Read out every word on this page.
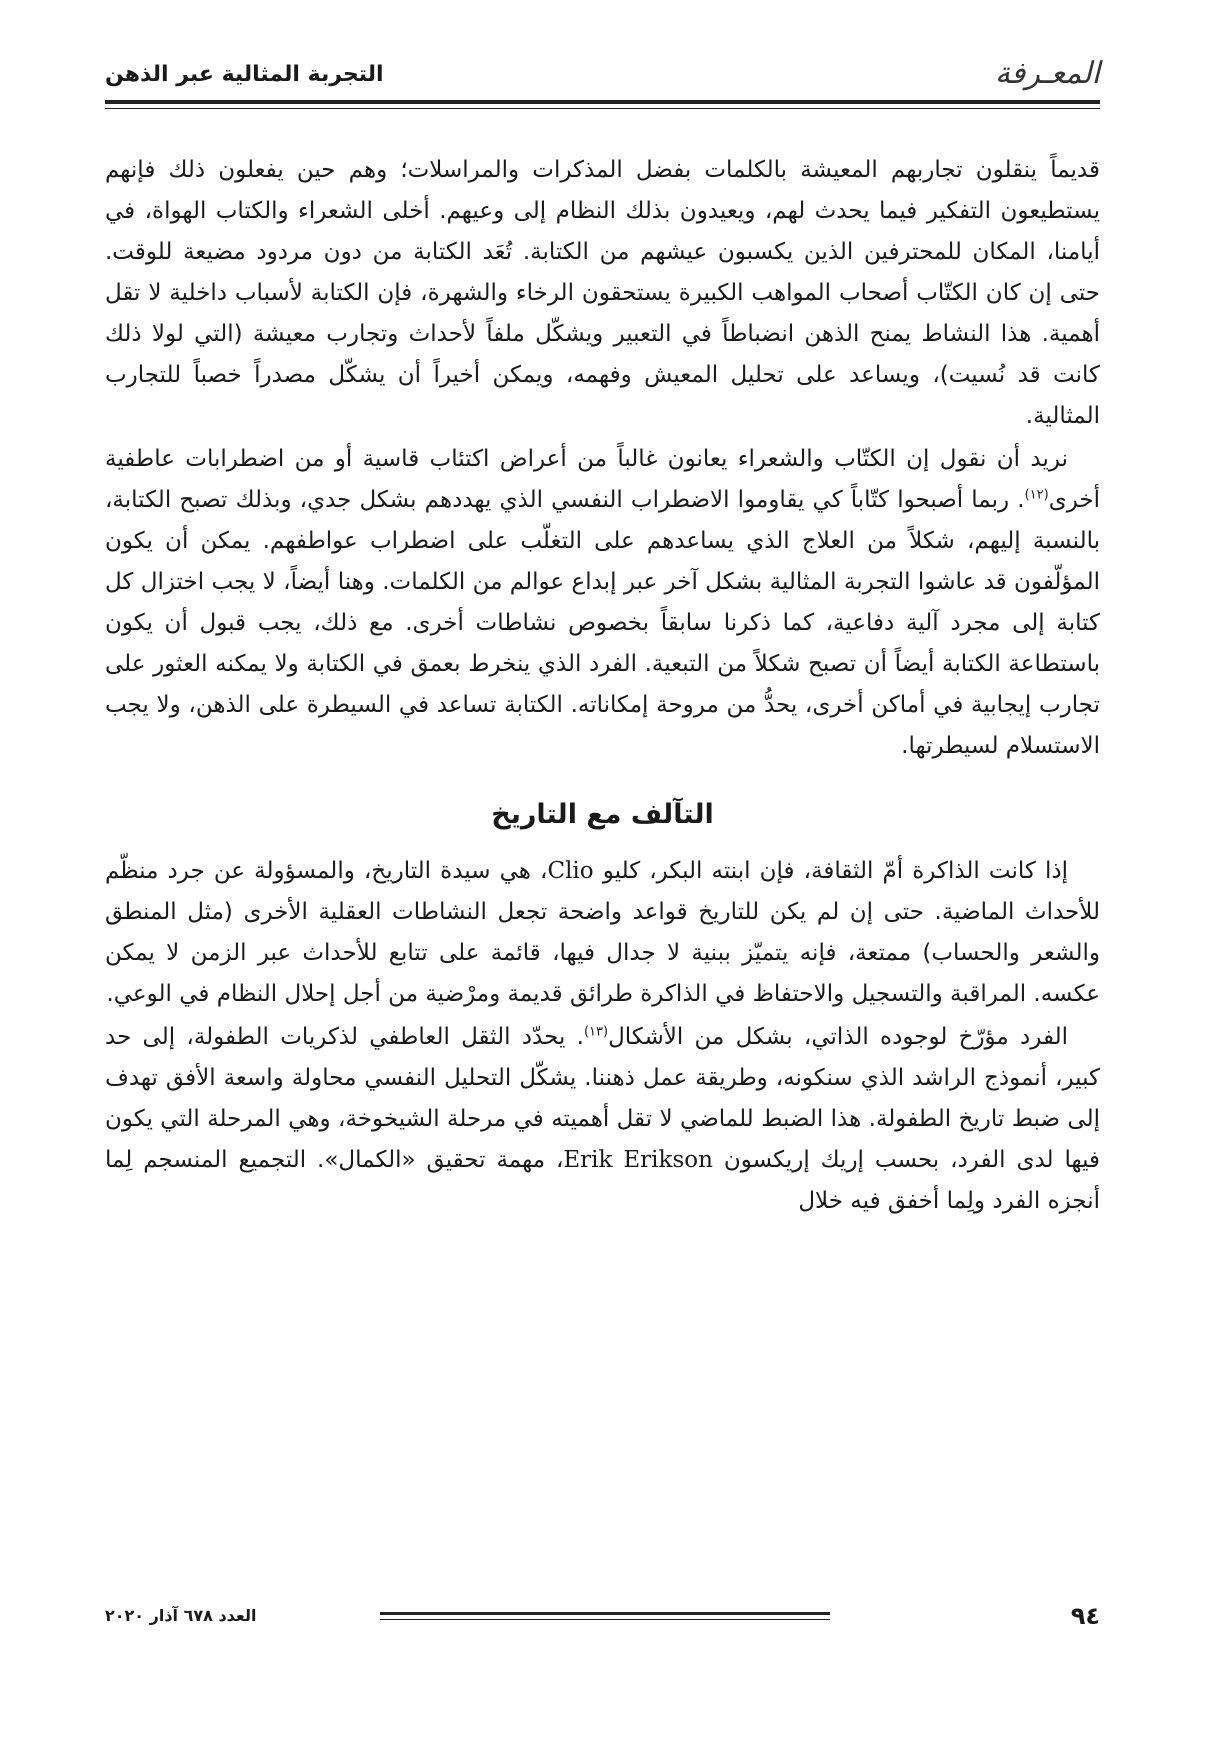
المعـرفة
التجربة المثالية عبر الذهن

قديماً ينقلون تجاربهم المعيشة بالكلمات بفضل المذكرات والمراسلات؛ وهم حين يفعلون ذلك فإنهم يستطيعون التفكير فيما يحدث لهم، ويعيدون بذلك النظام إلى وعيهم. أخلى الشعراء والكتاب الهواة، في أيامنا، المكان للمحترفين الذين يكسبون عيشهم من الكتابة. تُعَد الكتابة من دون مردود مضيعة للوقت. حتى إن كان الكتّاب أصحاب المواهب الكبيرة يستحقون الرخاء والشهرة، فإن الكتابة لأسباب داخلية لا تقل أهمية. هذا النشاط يمنح الذهن انضباطاً في التعبير ويشكّل ملفاً لأحداث وتجارب معيشة (التي لولا ذلك كانت قد نُسيت)، ويساعد على تحليل المعيش وفهمه، ويمكن أخيراً أن يشكّل مصدراً خصباً للتجارب المثالية.

نريد أن نقول إن الكتّاب والشعراء يعانون غالباً من أعراض اكتئاب قاسية أو من اضطرابات عاطفية أخرى$^{(١٢)}$. ربما أصبحوا كتّاباً كي يقاوموا الاضطراب النفسي الذي يهددهم بشكل جدي، وبذلك تصبح الكتابة، بالنسبة إليهم، شكلاً من العلاج الذي يساعدهم على التغلّب على اضطراب عواطفهم. يمكن أن يكون المؤلّفون قد عاشوا التجربة المثالية بشكل آخر عبر إبداع عوالم من الكلمات. وهنا أيضاً، لا يجب اختزال كل كتابة إلى مجرد آلية دفاعية، كما ذكرنا سابقاً بخصوص نشاطات أخرى. مع ذلك، يجب قبول أن يكون باستطاعة الكتابة أيضاً أن تصبح شكلاً من التبعية. الفرد الذي ينخرط بعمق في الكتابة ولا يمكنه العثور على تجارب إيجابية في أماكن أخرى، يحدُّ من مروحة إمكاناته. الكتابة تساعد في السيطرة على الذهن، ولا يجب الاستسلام لسيطرتها.

التآلف مع التاريخ

إذا كانت الذاكرة أمّ الثقافة، فإن ابنته البكر، كليو Clio، هي سيدة التاريخ، والمسؤولة عن جرد منظّم للأحداث الماضية. حتى إن لم يكن للتاريخ قواعد واضحة تجعل النشاطات العقلية الأخرى (مثل المنطق والشعر والحساب) ممتعة، فإنه يتميّز ببنية لا جدال فيها، قائمة على تتابع للأحداث عبر الزمن لا يمكن عكسه. المراقبة والتسجيل والاحتفاظ في الذاكرة طرائق قديمة ومرْضية من أجل إحلال النظام في الوعي.

الفرد مؤرّخ لوجوده الذاتي، بشكل من الأشكال$^{(١٣)}$. يحدّد الثقل العاطفي لذكريات الطفولة، إلى حد كبير، أنموذج الراشد الذي سنكونه، وطريقة عمل ذهننا. يشكّل التحليل النفسي محاولة واسعة الأفق تهدف إلى ضبط تاريخ الطفولة. هذا الضبط للماضي لا تقل أهميته في مرحلة الشيخوخة، وهي المرحلة التي يكون فيها لدى الفرد، بحسب إريك إريكسون Erik Erikson، مهمة تحقيق «الكمال». التجميع المنسجم لِما أنجزه الفرد ولِما أخفق فيه خلال

٩٤
العدد ٦٧٨ آذار ٢٠٢٠
